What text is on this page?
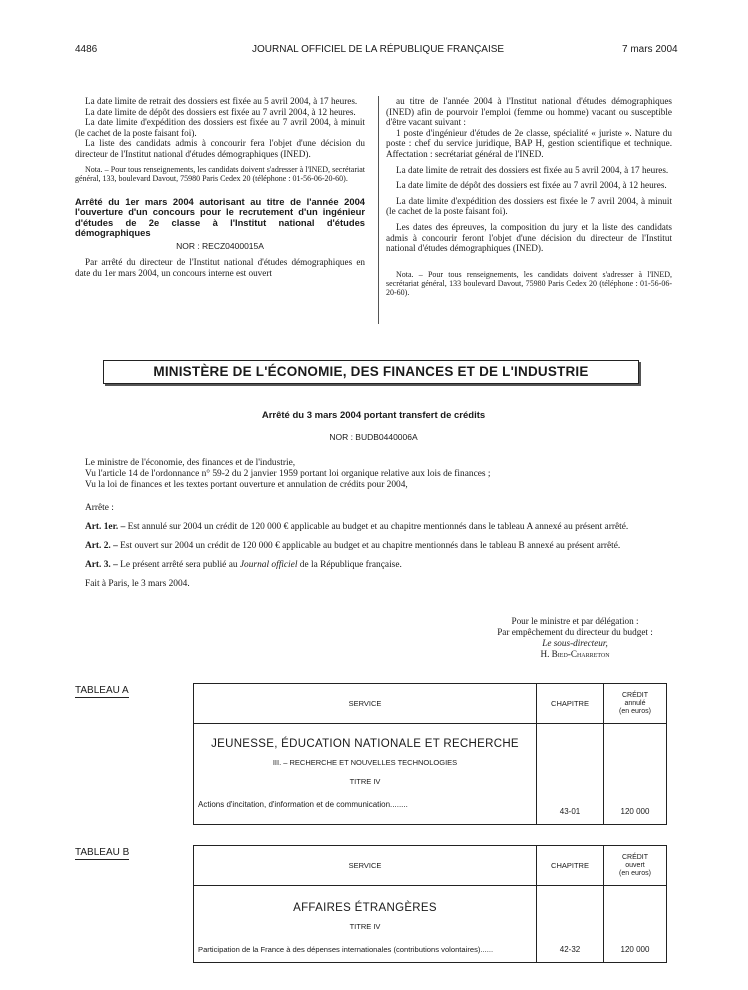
4486	JOURNAL OFFICIEL DE LA RÉPUBLIQUE FRANÇAISE	7 mars 2004

La date limite de retrait des dossiers est fixée au 5 avril 2004, à 17 heures.

La date limite de dépôt des dossiers est fixée au 7 avril 2004, à 12 heures.

La date limite d'expédition des dossiers est fixée au 7 avril 2004, à minuit (le cachet de la poste faisant foi).

La liste des candidats admis à concourir fera l'objet d'une décision du directeur de l'Institut national d'études démographiques (INED).

Nota. – Pour tous renseignements, les candidats doivent s'adresser à l'INED, secrétariat général, 133, boulevard Davout, 75980 Paris Cedex 20 (téléphone : 01-56-06-20-60).

Arrêté du 1er mars 2004 autorisant au titre de l'année 2004 l'ouverture d'un concours pour le recrutement d'un ingénieur d'études de 2e classe à l'Institut national d'études démographiques

NOR : RECZ0400015A

Par arrêté du directeur de l'Institut national d'études démographiques en date du 1er mars 2004, un concours interne est ouvert

au titre de l'année 2004 à l'Institut national d'études démographiques (INED) afin de pourvoir l'emploi (femme ou homme) vacant ou susceptible d'être vacant suivant :

1 poste d'ingénieur d'études de 2e classe, spécialité « juriste ». Nature du poste : chef du service juridique, BAP H, gestion scientifique et technique. Affectation : secrétariat général de l'INED.

La date limite de retrait des dossiers est fixée au 5 avril 2004, à 17 heures.

La date limite de dépôt des dossiers est fixée au 7 avril 2004, à 12 heures.

La date limite d'expédition des dossiers est fixée le 7 avril 2004, à minuit (le cachet de la poste faisant foi).

Les dates des épreuves, la composition du jury et la liste des candidats admis à concourir feront l'objet d'une décision du directeur de l'Institut national d'études démographiques (INED).

Nota. – Pour tous renseignements, les candidats doivent s'adresser à l'INED, secrétariat général, 133 boulevard Davout, 75980 Paris Cedex 20 (téléphone : 01-56-06-20-60).

MINISTÈRE DE L'ÉCONOMIE, DES FINANCES ET DE L'INDUSTRIE
Arrêté du 3 mars 2004 portant transfert de crédits
NOR : BUDB0440006A

Le ministre de l'économie, des finances et de l'industrie,

Vu l'article 14 de l'ordonnance n° 59-2 du 2 janvier 1959 portant loi organique relative aux lois de finances ;

Vu la loi de finances et les textes portant ouverture et annulation de crédits pour 2004,

Arrête :

Art. 1er. – Est annulé sur 2004 un crédit de 120 000 € applicable au budget et au chapitre mentionnés dans le tableau A annexé au présent arrêté.

Art. 2. – Est ouvert sur 2004 un crédit de 120 000 € applicable au budget et au chapitre mentionnés dans le tableau B annexé au présent arrêté.

Art. 3. – Le présent arrêté sera publié au Journal officiel de la République française.

Fait à Paris, le 3 mars 2004.

Pour le ministre et par délégation :
Par empêchement du directeur du budget :
Le sous-directeur,
H. Bied-Charreton
TABLEAU A
SERVICE	CHAPITRE	CRÉDIT
annulé
(en euros)

JEUNESSE, ÉDUCATION NATIONALE ET RECHERCHE
III. – RECHERCHE ET NOUVELLES TECHNOLOGIES
TITRE IV
Actions d'incitation, d'information et de communication........	43-01	120 000
TABLEAU B
SERVICE	CHAPITRE	CRÉDIT
ouvert
(en euros)

AFFAIRES ÉTRANGÈRES
TITRE IV
Participation de la France à des dépenses internationales (contributions volontaires)......	42-32	120 000
